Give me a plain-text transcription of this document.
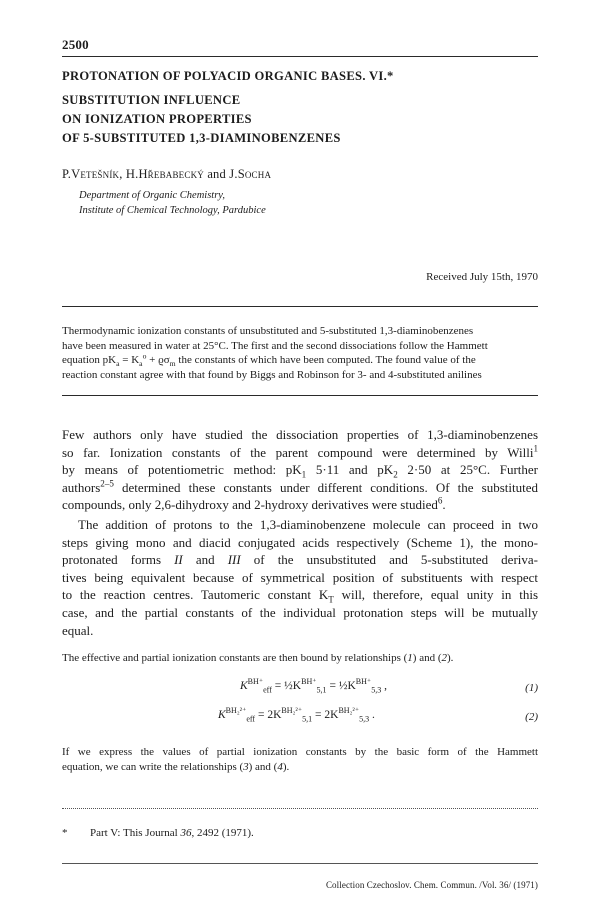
2500
PROTONATION OF POLYACID ORGANIC BASES. VI.*
SUBSTITUTION INFLUENCE
ON IONIZATION PROPERTIES
OF 5-SUBSTITUTED 1,3-DIAMINOBENZENES
P.Vetešník, H.Hřebabecký and J.Socha
Department of Organic Chemistry,
Institute of Chemical Technology, Pardubice
Received July 15th, 1970
Thermodynamic ionization constants of unsubstituted and 5-substituted 1,3-diaminobenzenes
have been measured in water at 25°C. The first and the second dissociations follow the Hammett
equation $pK_a = K_a^o + ϱ\sigma_m$ the constants of which have been computed. The found value of the
reaction constant agree with that found by Biggs and Robinson for 3- and 4-substituted anilines
Few authors only have studied the dissociation properties of 1,3-diaminobenzenes
so far. Ionization constants of the parent compound were determined by Willi$^1$
by means of potentiometric method: $pK_1$ 5·11 and $pK_2$ 2·50 at 25°C. Further
authors$^{2-5}$ determined these constants under different conditions. Of the substituted
compounds, only 2,6-dihydroxy and 2-hydroxy derivatives were studied$^6$.
The addition of protons to the 1,3-diaminobenzene molecule can proceed in two
steps giving mono and diacid conjugated acids respectively (Scheme 1), the mono-
protonated forms II and III of the unsubstituted and 5-substituted deriva-
tives being equivalent because of symmetrical position of substituents with respect
to the reaction centres. Tautomeric constant $K_T$ will, therefore, equal unity in this
case, and the partial constants of the individual protonation steps will be mutually
equal.
The effective and partial ionization constants are then bound by relationships (1) and (2).
$K^{BH^+}_{eff}$ = $\frac{1}{2}K^{BH^+}_{5,1}$ = $\frac{1}{2}K^{BH^+}_{5,3}$ ,	(1)
$K^{BH_2^{2+}}_{eff} = 2K^{BH_2^{2+}}_{5,1} = 2K^{BH_2^{2+}}_{5,3}$ .	(2)
If we express the values of partial ionization constants by the basic form of the Hammett
equation, we can write the relationships (3) and (4).
* Part V: This Journal 36, 2492 (1971).
Collection Czechoslov. Chem. Commun. /Vol. 36/ (1971)
